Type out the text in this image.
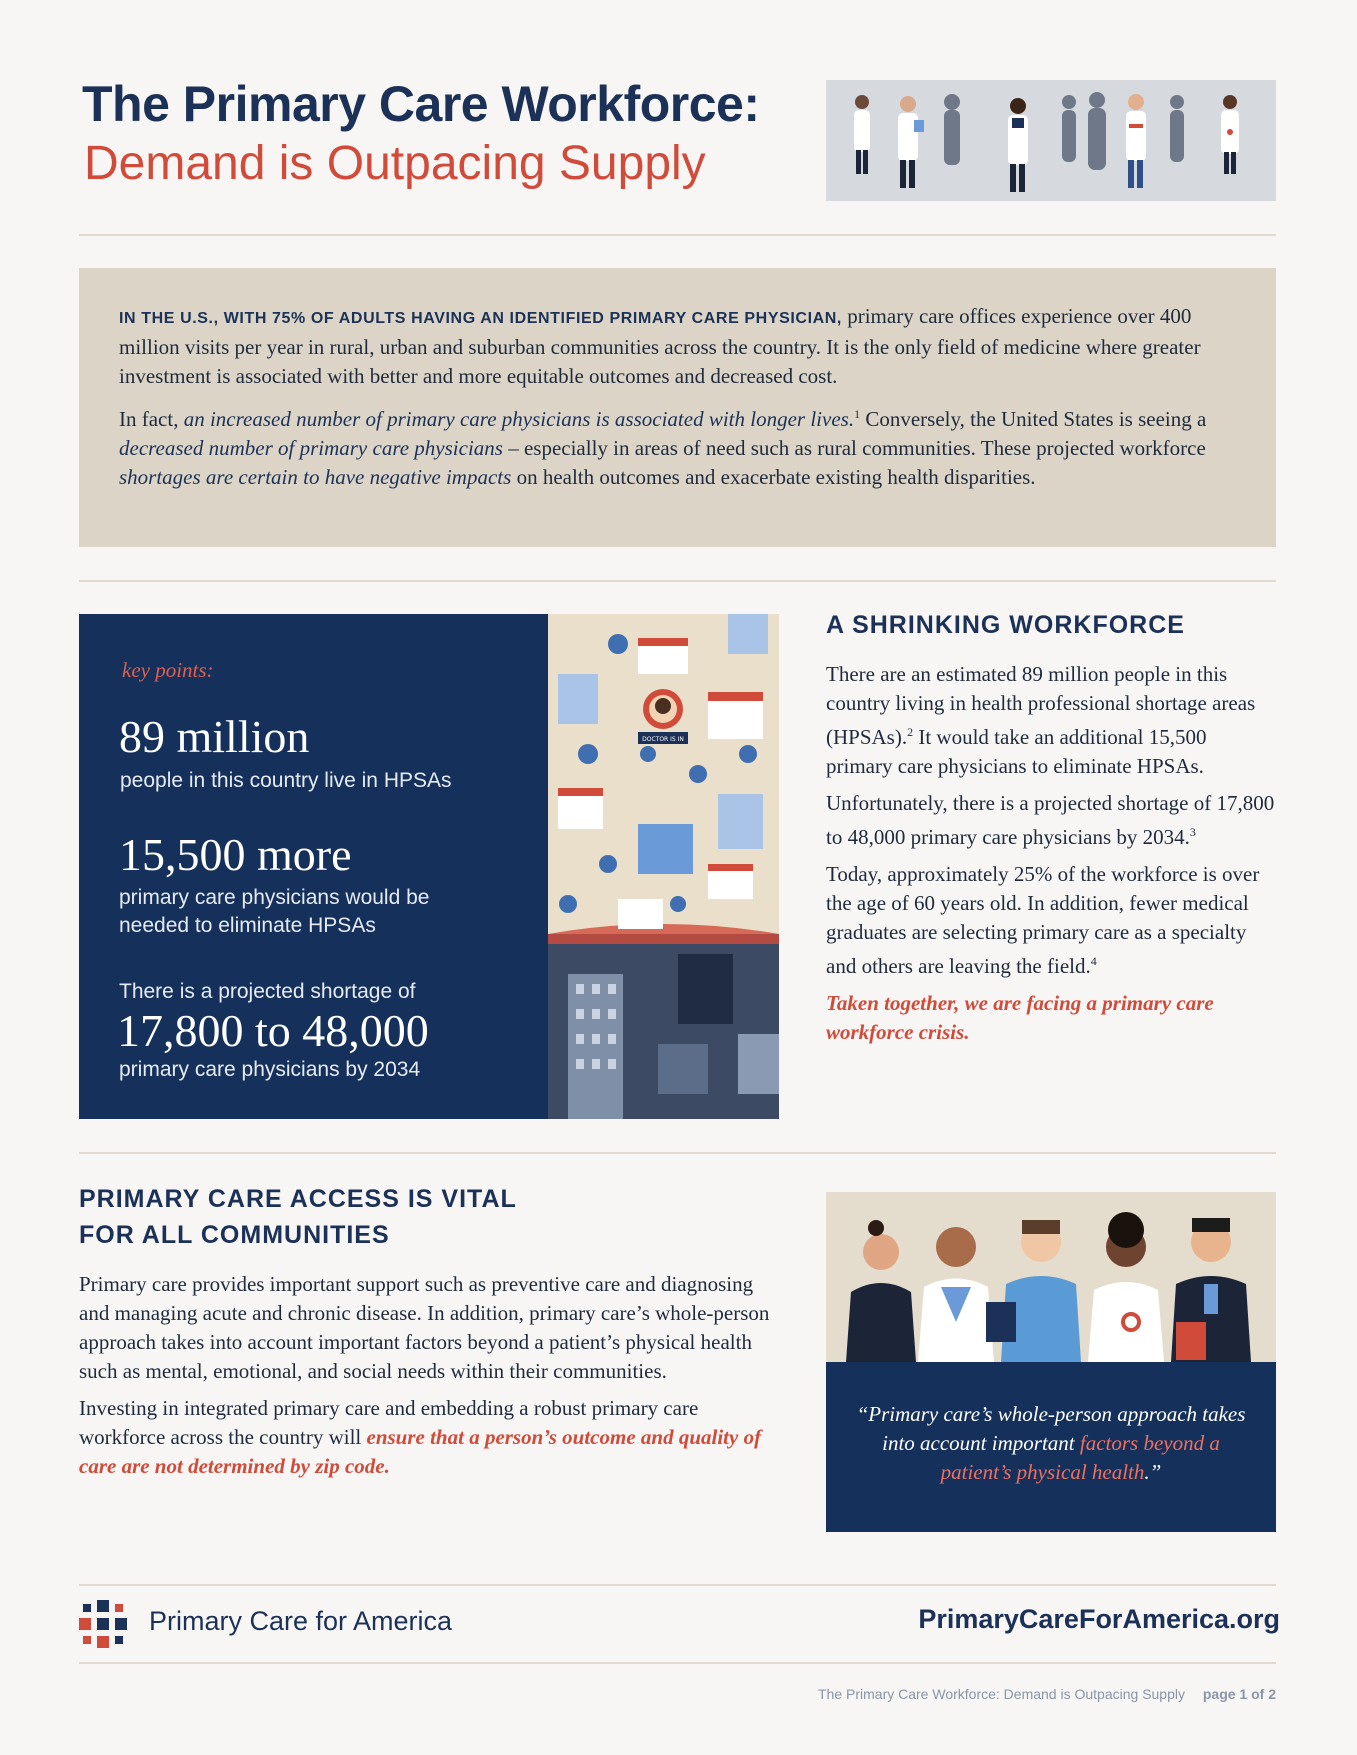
The Primary Care Workforce:
Demand is Outpacing Supply

IN THE U.S., WITH 75% OF ADULTS HAVING AN IDENTIFIED PRIMARY CARE PHYSICIAN, primary care offices experience over 400 million visits per year in rural, urban and suburban communities across the country. It is the only field of medicine where greater investment is associated with better and more equitable outcomes and decreased cost.

In fact, an increased number of primary care physicians is associated with longer lives.$^1$ Conversely, the United States is seeing a decreased number of primary care physicians – especially in areas of need such as rural communities. These projected workforce shortages are certain to have negative impacts on health outcomes and exacerbate existing health disparities.

key points:
89 million
people in this country live in HPSAs
15,500 more
primary care physicians would be
needed to eliminate HPSAs
There is a projected shortage of
17,800 to 48,000
primary care physicians by 2034
DOCTOR IS IN
A SHRINKING WORKFORCE

There are an estimated 89 million people in this country living in health professional shortage areas (HPSAs).$^2$ It would take an additional 15,500 primary care physicians to eliminate HPSAs.

Unfortunately, there is a projected shortage of 17,800 to 48,000 primary care physicians by 2034.$^3$

Today, approximately 25% of the workforce is over the age of 60 years old. In addition, fewer medical graduates are selecting primary care as a specialty and others are leaving the field.$^4$

Taken together, we are facing a primary care workforce crisis.

PRIMARY CARE ACCESS IS VITAL
FOR ALL COMMUNITIES

Primary care provides important support such as preventive care and diagnosing and managing acute and chronic disease. In addition, primary care’s whole-person approach takes into account important factors beyond a patient’s physical health such as mental, emotional, and social needs within their communities.

Investing in integrated primary care and embedding a robust primary care workforce across the country will ensure that a person’s outcome and quality of care are not determined by zip code.

“Primary care’s whole-person approach takes into account important factors beyond a patient’s physical health.”
Primary Care for America	PrimaryCareForAmerica.org
The Primary Care Workforce: Demand is Outpacing Supply	page 1 of 2
